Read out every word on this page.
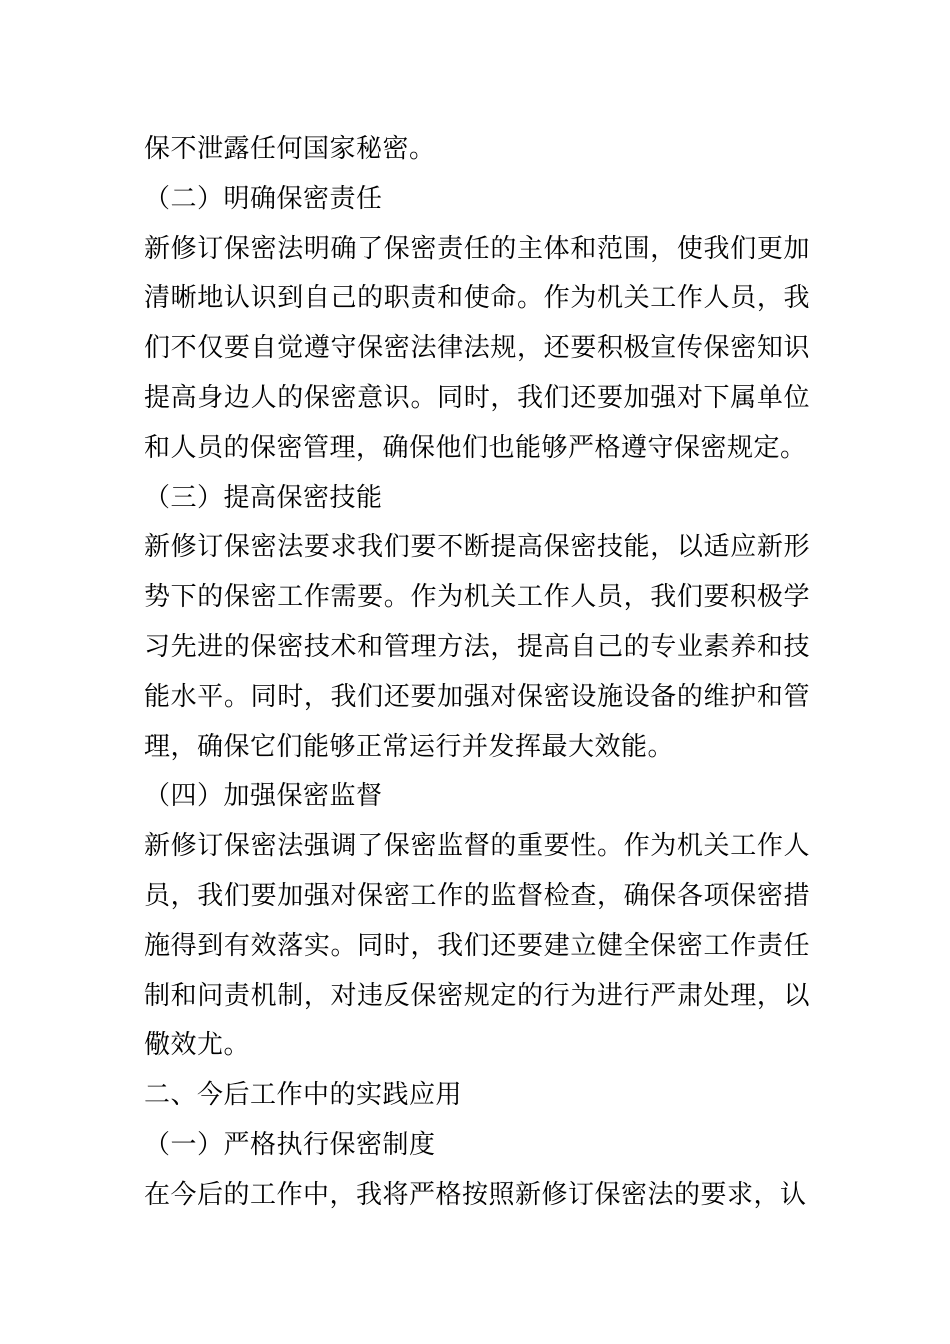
保不泄露任何国家秘密。

（二）明确保密责任

新修订保密法明确了保密责任的主体和范围，使我们更加清晰地认识到自己的职责和使命。作为机关工作人员，我们不仅要自觉遵守保密法律法规，还要积极宣传保密知识提高身边人的保密意识。同时，我们还要加强对下属单位和人员的保密管理，确保他们也能够严格遵守保密规定。

（三）提高保密技能

新修订保密法要求我们要不断提高保密技能，以适应新形势下的保密工作需要。作为机关工作人员，我们要积极学习先进的保密技术和管理方法，提高自己的专业素养和技能水平。同时，我们还要加强对保密设施设备的维护和管理，确保它们能够正常运行并发挥最大效能。

（四）加强保密监督

新修订保密法强调了保密监督的重要性。作为机关工作人员，我们要加强对保密工作的监督检查，确保各项保密措施得到有效落实。同时，我们还要建立健全保密工作责任制和问责机制，对违反保密规定的行为进行严肃处理，以儆效尤。

二、今后工作中的实践应用

（一）严格执行保密制度

在今后的工作中，我将严格按照新修订保密法的要求，认
